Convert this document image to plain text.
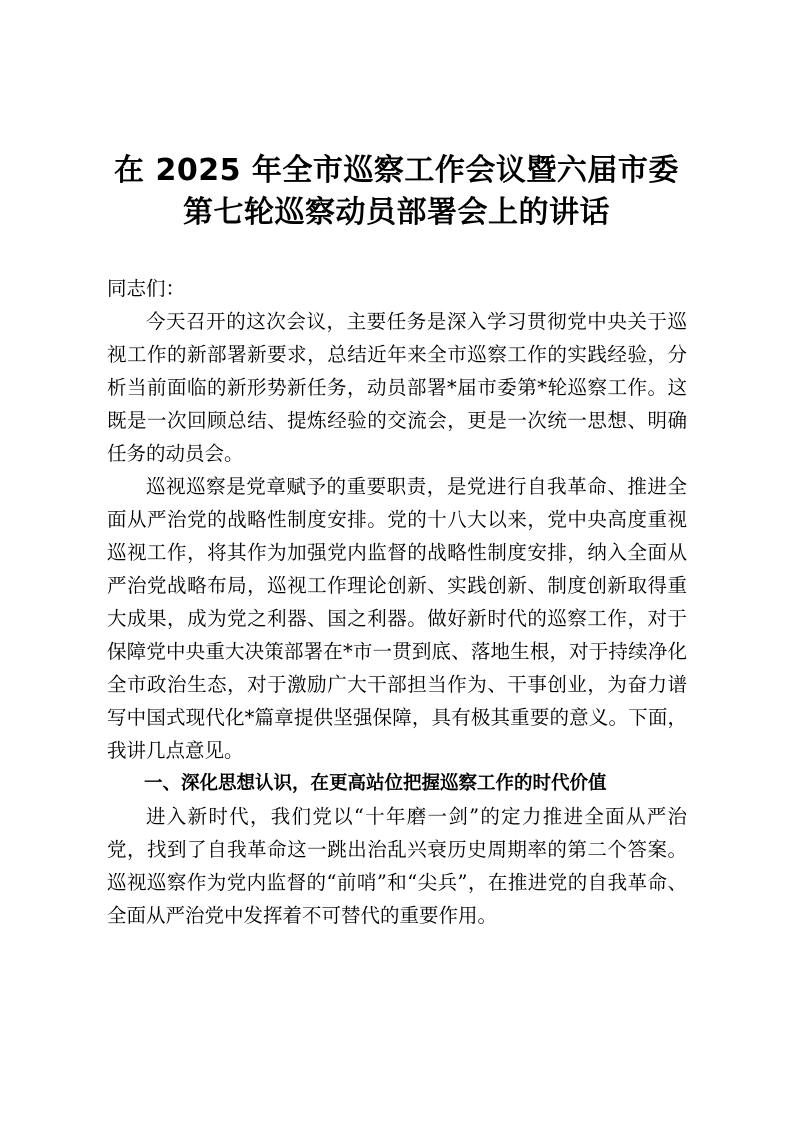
在 2025 年全市巡察工作会议暨六届市委
第七轮巡察动员部署会上的讲话

同志们：

今天召开的这次会议，主要任务是深入学习贯彻党中央关于巡视工作的新部署新要求，总结近年来全市巡察工作的实践经验，分析当前面临的新形势新任务，动员部署*届市委第*轮巡察工作。这既是一次回顾总结、提炼经验的交流会，更是一次统一思想、明确任务的动员会。

巡视巡察是党章赋予的重要职责，是党进行自我革命、推进全面从严治党的战略性制度安排。党的十八大以来，党中央高度重视巡视工作，将其作为加强党内监督的战略性制度安排，纳入全面从严治党战略布局，巡视工作理论创新、实践创新、制度创新取得重大成果，成为党之利器、国之利器。做好新时代的巡察工作，对于保障党中央重大决策部署在*市一贯到底、落地生根，对于持续净化全市政治生态，对于激励广大干部担当作为、干事创业，为奋力谱写中国式现代化*篇章提供坚强保障，具有极其重要的意义。下面，我讲几点意见。

一、深化思想认识，在更高站位把握巡察工作的时代价值

进入新时代，我们党以“十年磨一剑”的定力推进全面从严治党，找到了自我革命这一跳出治乱兴衰历史周期率的第二个答案。巡视巡察作为党内监督的“前哨”和“尖兵”，在推进党的自我革命、全面从严治党中发挥着不可替代的重要作用。
